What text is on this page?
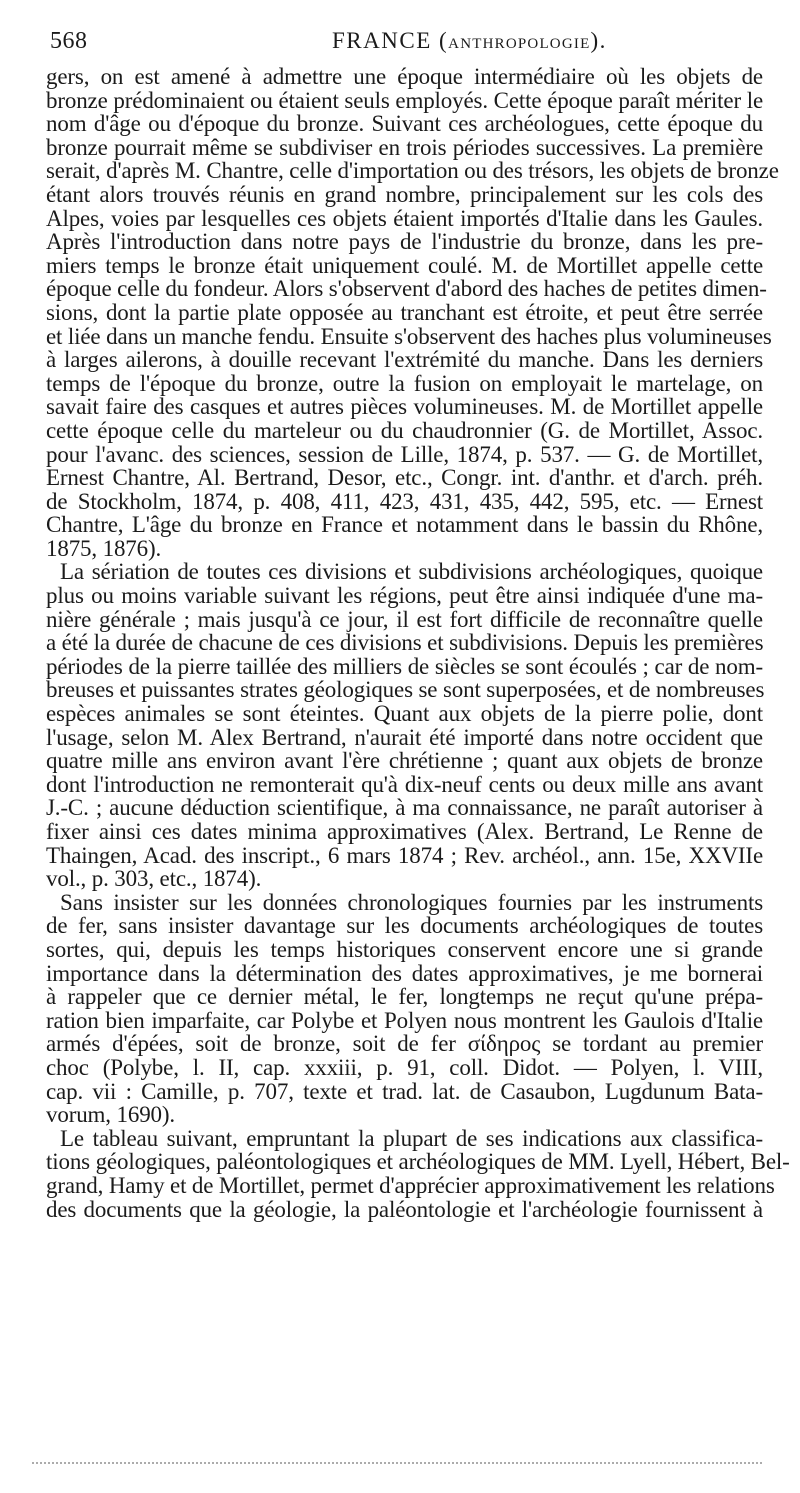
568	FRANCE (ANTHROPOLOGIE).
gers, on est amené à admettre une époque intermédiaire où les objets de
bronze prédominaient ou étaient seuls employés. Cette époque paraît mériter le
nom d'âge ou d'époque du bronze. Suivant ces archéologues, cette époque du
bronze pourrait même se subdiviser en trois périodes successives. La première
serait, d'après M. Chantre, celle d'importation ou des trésors, les objets de bronze
étant alors trouvés réunis en grand nombre, principalement sur les cols des
Alpes, voies par lesquelles ces objets étaient importés d'Italie dans les Gaules.
Après l'introduction dans notre pays de l'industrie du bronze, dans les pre-
miers temps le bronze était uniquement coulé. M. de Mortillet appelle cette
époque celle du fondeur. Alors s'observent d'abord des haches de petites dimen-
sions, dont la partie plate opposée au tranchant est étroite, et peut être serrée
et liée dans un manche fendu. Ensuite s'observent des haches plus volumineuses
à larges ailerons, à douille recevant l'extrémité du manche. Dans les derniers
temps de l'époque du bronze, outre la fusion on employait le martelage, on
savait faire des casques et autres pièces volumineuses. M. de Mortillet appelle
cette époque celle du marteleur ou du chaudronnier (G. de Mortillet, Assoc.
pour l'avanc. des sciences, session de Lille, 1874, p. 537. — G. de Mortillet,
Ernest Chantre, Al. Bertrand, Desor, etc., Congr. int. d'anthr. et d'arch. préh.
de Stockholm, 1874, p. 408, 411, 423, 431, 435, 442, 595, etc. — Ernest
Chantre, L'âge du bronze en France et notamment dans le bassin du Rhône,
1875, 1876).
La sériation de toutes ces divisions et subdivisions archéologiques, quoique
plus ou moins variable suivant les régions, peut être ainsi indiquée d'une ma-
nière générale ; mais jusqu'à ce jour, il est fort difficile de reconnaître quelle
a été la durée de chacune de ces divisions et subdivisions. Depuis les premières
périodes de la pierre taillée des milliers de siècles se sont écoulés ; car de nom-
breuses et puissantes strates géologiques se sont superposées, et de nombreuses
espèces animales se sont éteintes. Quant aux objets de la pierre polie, dont
l'usage, selon M. Alex Bertrand, n'aurait été importé dans notre occident que
quatre mille ans environ avant l'ère chrétienne ; quant aux objets de bronze
dont l'introduction ne remonterait qu'à dix-neuf cents ou deux mille ans avant
J.-C. ; aucune déduction scientifique, à ma connaissance, ne paraît autoriser à
fixer ainsi ces dates minima approximatives (Alex. Bertrand, Le Renne de
Thaingen, Acad. des inscript., 6 mars 1874 ; Rev. archéol., ann. 15e, XXVIIe
vol., p. 303, etc., 1874).
Sans insister sur les données chronologiques fournies par les instruments
de fer, sans insister davantage sur les documents archéologiques de toutes
sortes, qui, depuis les temps historiques conservent encore une si grande
importance dans la détermination des dates approximatives, je me bornerai
à rappeler que ce dernier métal, le fer, longtemps ne reçut qu'une prépa-
ration bien imparfaite, car Polybe et Polyen nous montrent les Gaulois d'Italie
armés d'épées, soit de bronze, soit de fer σίδηρος se tordant au premier
choc (Polybe, l. II, cap. xxxiii, p. 91, coll. Didot. — Polyen, l. VIII,
cap. vii : Camille, p. 707, texte et trad. lat. de Casaubon, Lugdunum Bata-
vorum, 1690).
Le tableau suivant, empruntant la plupart de ses indications aux classifica-
tions géologiques, paléontologiques et archéologiques de MM. Lyell, Hébert, Bel-
grand, Hamy et de Mortillet, permet d'apprécier approximativement les relations
des documents que la géologie, la paléontologie et l'archéologie fournissent à
